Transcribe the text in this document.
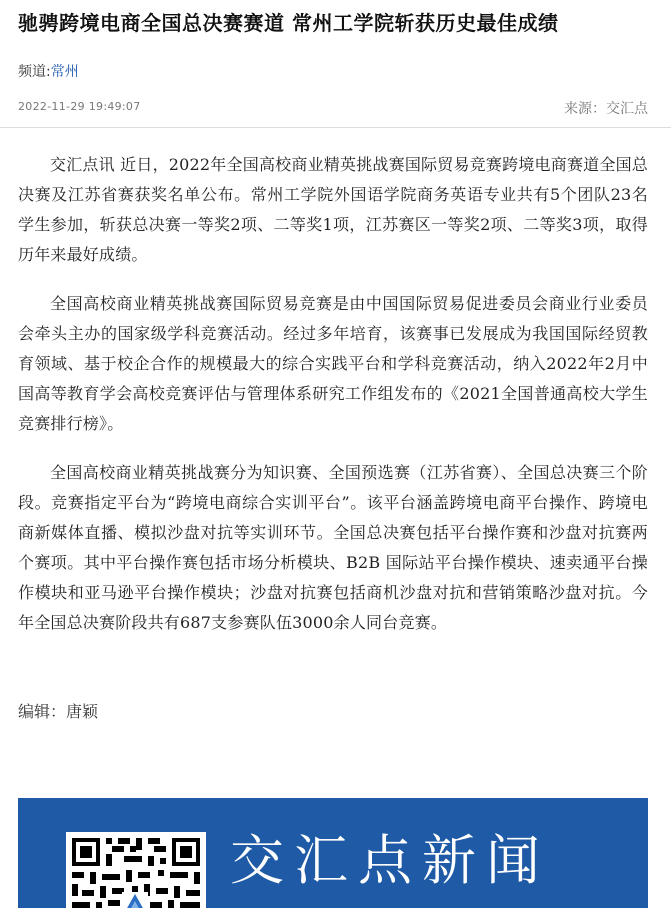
驰骋跨境电商全国总决赛赛道 常州工学院斩获历史最佳成绩
频道:常州
2022-11-29 19:49:07	来源：交汇点

交汇点讯 近日，2022年全国高校商业精英挑战赛国际贸易竞赛跨境电商赛道全国总决赛及江苏省赛获奖名单公布。常州工学院外国语学院商务英语专业共有5个团队23名学生参加，斩获总决赛一等奖2项、二等奖1项，江苏赛区一等奖2项、二等奖3项，取得历年来最好成绩。

全国高校商业精英挑战赛国际贸易竞赛是由中国国际贸易促进委员会商业行业委员会牵头主办的国家级学科竞赛活动。经过多年培育，该赛事已发展成为我国国际经贸教育领域、基于校企合作的规模最大的综合实践平台和学科竞赛活动，纳入2022年2月中国高等教育学会高校竞赛评估与管理体系研究工作组发布的《2021全国普通高校大学生竞赛排行榜》。

全国高校商业精英挑战赛分为知识赛、全国预选赛（江苏省赛）、全国总决赛三个阶段。竞赛指定平台为“跨境电商综合实训平台”。该平台涵盖跨境电商平台操作、跨境电商新媒体直播、模拟沙盘对抗等实训环节。全国总决赛包括平台操作赛和沙盘对抗赛两个赛项。其中平台操作赛包括市场分析模块、B2B 国际站平台操作模块、速卖通平台操作模块和亚马逊平台操作模块；沙盘对抗赛包括商机沙盘对抗和营销策略沙盘对抗。今年全国总决赛阶段共有687支参赛队伍3000余人同台竞赛。

编辑：唐颖
交汇点新闻
